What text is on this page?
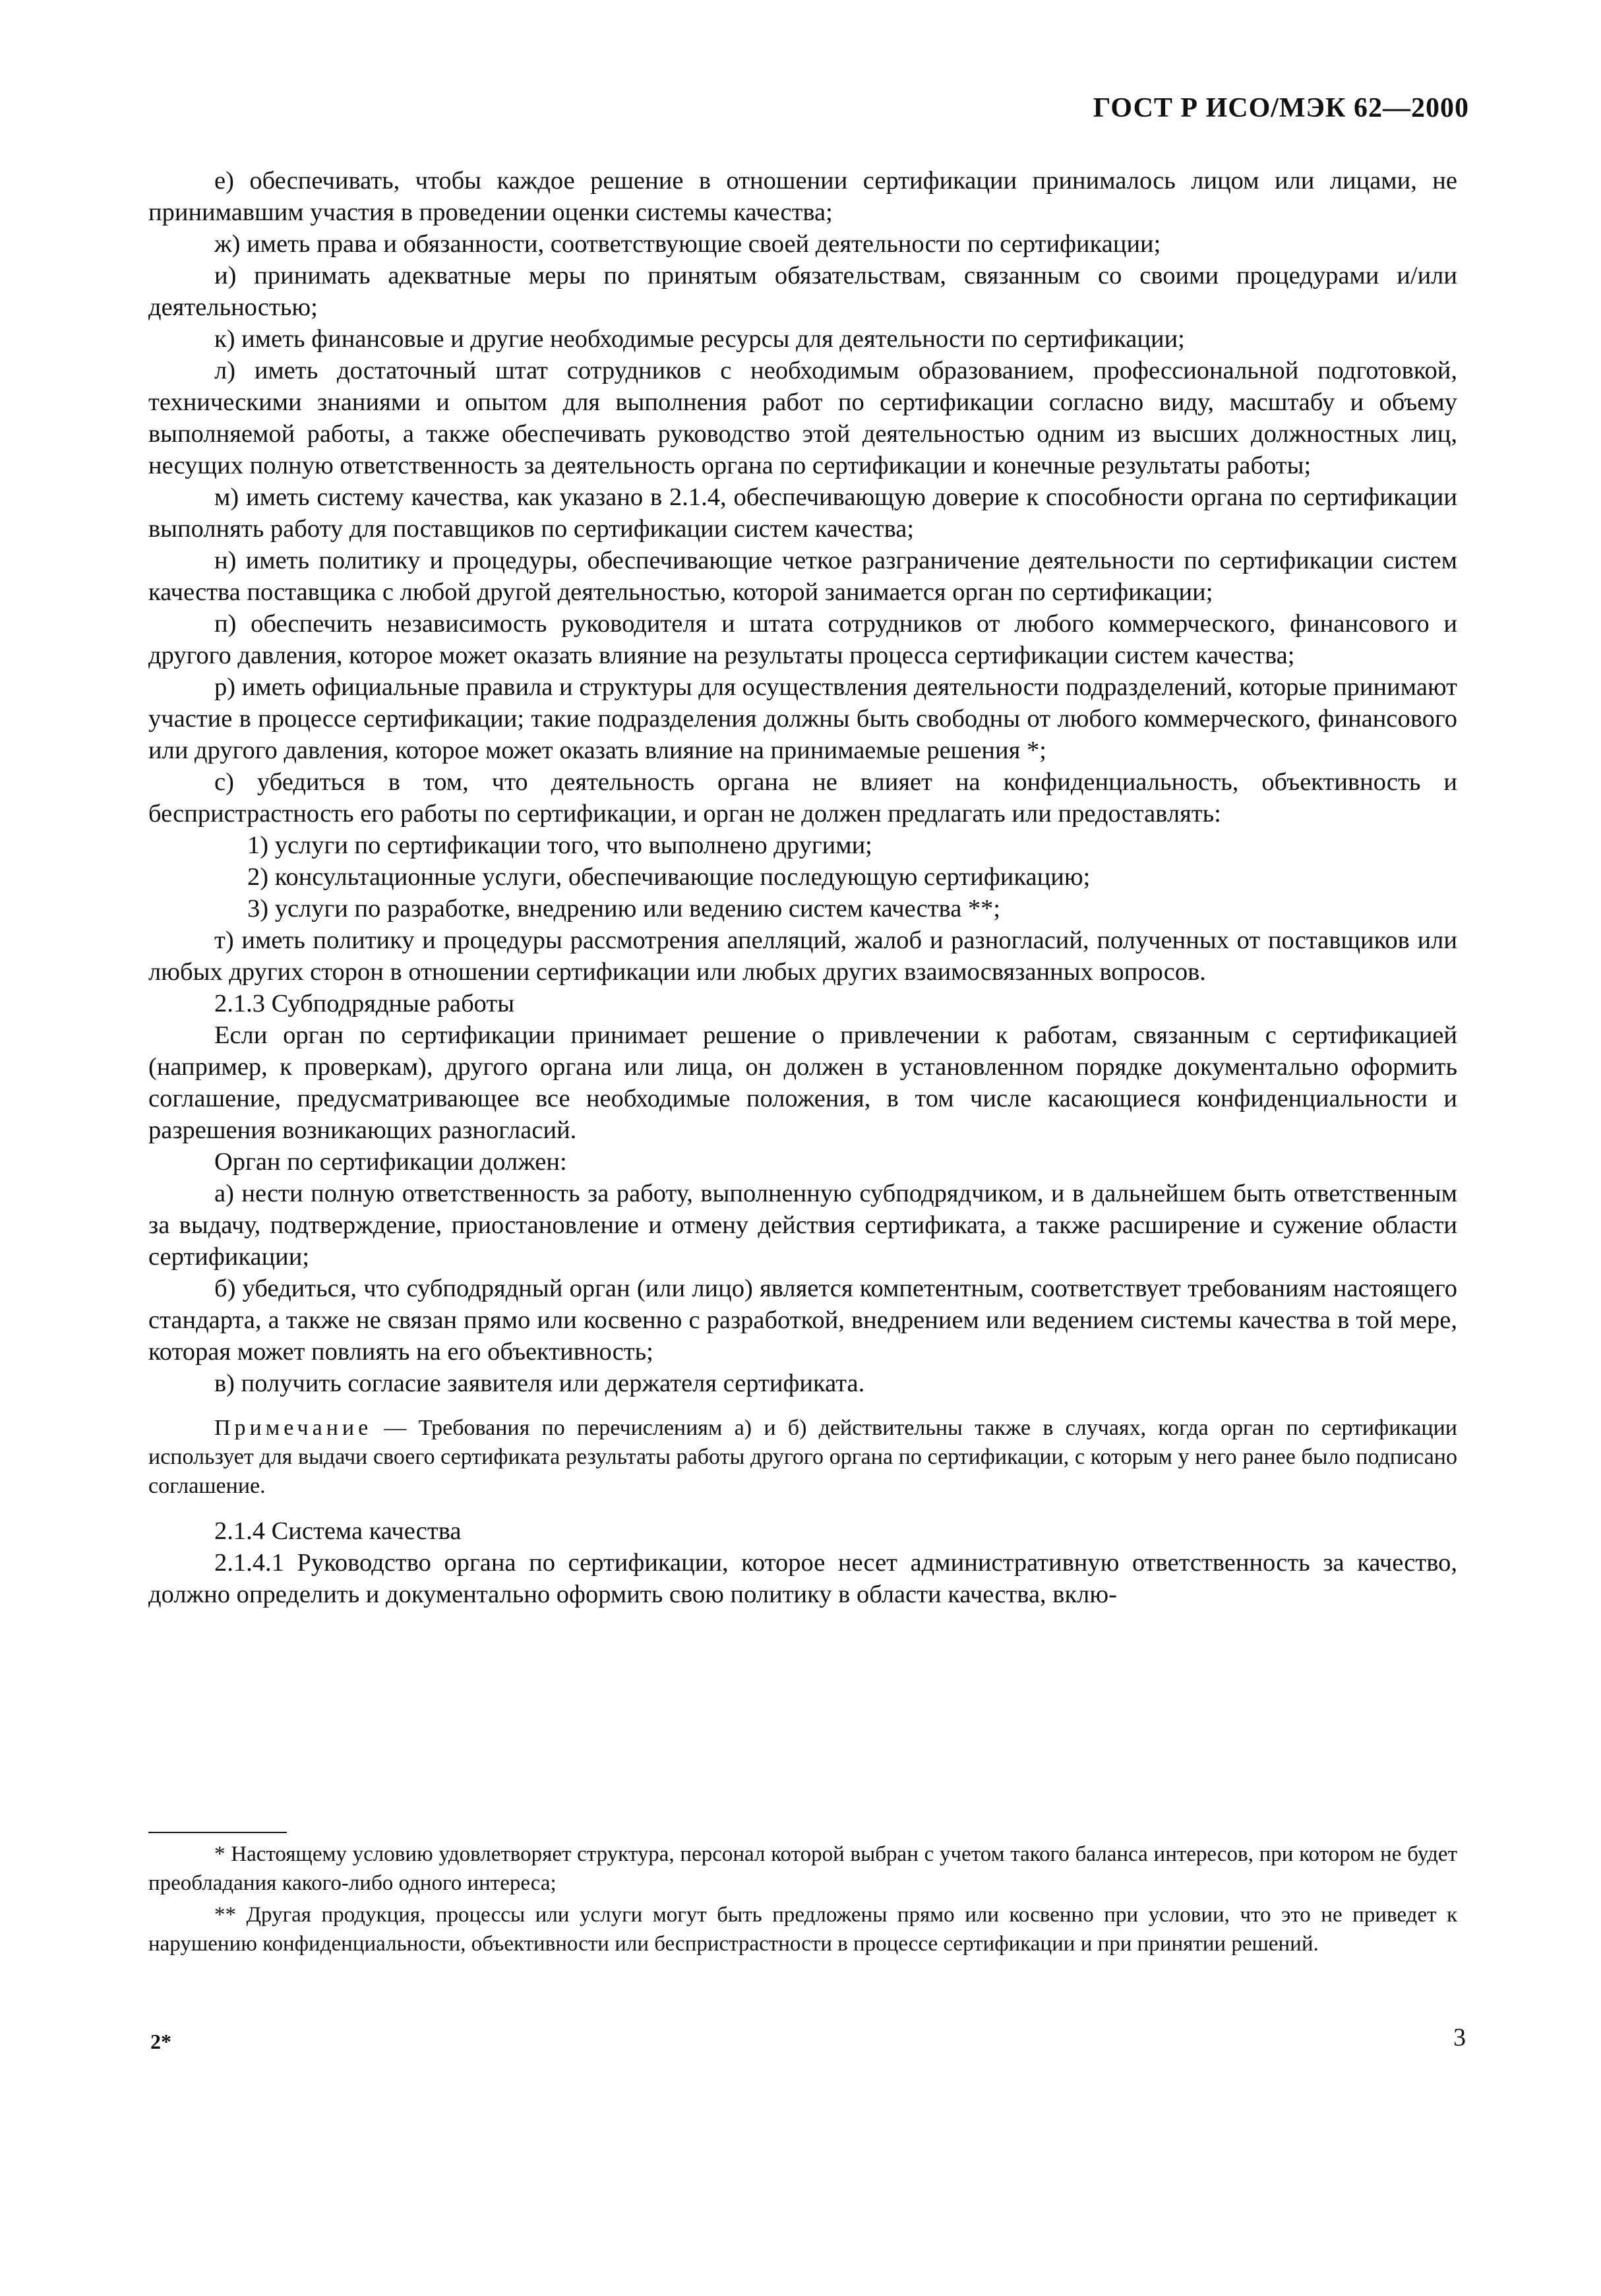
ГОСТ Р ИСО/МЭК 62—2000

е) обеспечивать, чтобы каждое решение в отношении сертификации принималось лицом или лицами, не принимавшим участия в проведении оценки системы качества;

ж) иметь права и обязанности, соответствующие своей деятельности по сертификации;

и) принимать адекватные меры по принятым обязательствам, связанным со своими процедурами и/или деятельностью;

к) иметь финансовые и другие необходимые ресурсы для деятельности по сертификации;

л) иметь достаточный штат сотрудников с необходимым образованием, профессиональной подготовкой, техническими знаниями и опытом для выполнения работ по сертификации согласно виду, масштабу и объему выполняемой работы, а также обеспечивать руководство этой деятельностью одним из высших должностных лиц, несущих полную ответственность за деятельность органа по сертификации и конечные результаты работы;

м) иметь систему качества, как указано в 2.1.4, обеспечивающую доверие к способности органа по сертификации выполнять работу для поставщиков по сертификации систем качества;

н) иметь политику и процедуры, обеспечивающие четкое разграничение деятельности по сертификации систем качества поставщика с любой другой деятельностью, которой занимается орган по сертификации;

п) обеспечить независимость руководителя и штата сотрудников от любого коммерческого, финансового и другого давления, которое может оказать влияние на результаты процесса сертификации систем качества;

р) иметь официальные правила и структуры для осуществления деятельности подразделений, которые принимают участие в процессе сертификации; такие подразделения должны быть свободны от любого коммерческого, финансового или другого давления, которое может оказать влияние на принимаемые решения *;

с) убедиться в том, что деятельность органа не влияет на конфиденциальность, объективность и беспристрастность его работы по сертификации, и орган не должен предлагать или предоставлять:

1) услуги по сертификации того, что выполнено другими;

2) консультационные услуги, обеспечивающие последующую сертификацию;

3) услуги по разработке, внедрению или ведению систем качества **;

т) иметь политику и процедуры рассмотрения апелляций, жалоб и разногласий, полученных от поставщиков или любых других сторон в отношении сертификации или любых других взаимосвязанных вопросов.

2.1.3 Субподрядные работы

Если орган по сертификации принимает решение о привлечении к работам, связанным с сертификацией (например, к проверкам), другого органа или лица, он должен в установленном порядке документально оформить соглашение, предусматривающее все необходимые положения, в том числе касающиеся конфиденциальности и разрешения возникающих разногласий.

Орган по сертификации должен:

а) нести полную ответственность за работу, выполненную субподрядчиком, и в дальнейшем быть ответственным за выдачу, подтверждение, приостановление и отмену действия сертификата, а также расширение и сужение области сертификации;

б) убедиться, что субподрядный орган (или лицо) является компетентным, соответствует требованиям настоящего стандарта, а также не связан прямо или косвенно с разработкой, внедрением или ведением системы качества в той мере, которая может повлиять на его объективность;

в) получить согласие заявителя или держателя сертификата.

Примечание — Требования по перечислениям а) и б) действительны также в случаях, когда орган по сертификации использует для выдачи своего сертификата результаты работы другого органа по сертификации, с которым у него ранее было подписано соглашение.

2.1.4 Система качества

2.1.4.1 Руководство органа по сертификации, которое несет административную ответственность за качество, должно определить и документально оформить свою политику в области качества, вклю-

* Настоящему условию удовлетворяет структура, персонал которой выбран с учетом такого баланса интересов, при котором не будет преобладания какого-либо одного интереса;

** Другая продукция, процессы или услуги могут быть предложены прямо или косвенно при условии, что это не приведет к нарушению конфиденциальности, объективности или беспристрастности в процессе сертификации и при принятии решений.

2*	3
